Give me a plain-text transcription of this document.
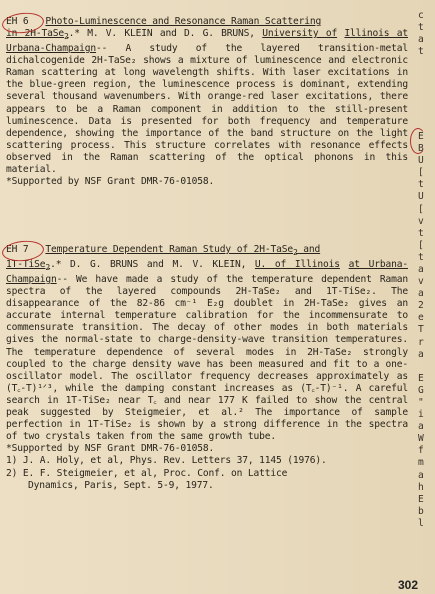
EH 6 Photo-Luminescence and Resonance Raman Scattering
in 2H-TaSe$_2$.* M. V. KLEIN and D. G. BRUNS, University of Illinois at Urbana-Champaign-- A study of the layered transition-metal dichalcogenide 2H-TaSe₂ shows a mixture of luminescence and electronic Raman scattering at long wavelength shifts. With laser excitations in the blue-green region, the luminescence process is dominant, extending several thousand wavenumbers. With orange-red laser excitations, there appears to be a Raman component in addition to the still-present luminescence. Data is presented for both frequency and temperature dependence, showing the importance of the band structure on the light scattering process. This structure correlates with resonance effects observed in the Raman scattering of the optical phonons in this material.

*Supported by NSF Grant DMR-76-01058.

EH 7 Temperature Dependent Raman Study of 2H-TaSe$_2$ and
1T-TiSe$_2$.* D. G. BRUNS and M. V. KLEIN, U. of Illinois at Urbana-Champaign-- We have made a study of the temperature dependent Raman spectra of the layered compounds 2H-TaSe₂ and 1T-TiSe₂. The disappearance of the 82-86 cm⁻¹ E₂g doublet in 2H-TaSe₂ gives an accurate internal temperature calibration for the incommensurate to commensurate transition. The decay of other modes in both materials gives the normal-state to charge-density-wave transition temperatures. The temperature dependence of several modes in 2H-TaSe₂ strongly coupled to the charge density wave has been measured and fit to a one-oscillator model. The oscillator frequency decreases approximately as (T꜀-T)¹ᐟ³, while the damping constant increases as (T꜀-T)⁻¹. A careful search in 1T-TiSe₂ near T꜀ and near 177 K failed to show the central peak suggested by Steigmeier, et al.² The importance of sample perfection in 1T-TiSe₂ is shown by a strong difference in the spectra of two crystals taken from the same growth tube.

*Supported by NSF Grant DMR-76-01058.
1) J. A. Holy, et al, Phys. Rev. Letters 37, 1145 (1976).
2) E. F. Steigmeier, et al, Proc. Conf. on Lattice
Dynamics, Paris, Sept. 5-9, 1977.
c
t
a
t
E
B
U
[
t
U
[
v
t
[
t
a
v
a
2
e
T
r
a
E
G
"
i
a
W
f
m
a
h
E
b
l
302
